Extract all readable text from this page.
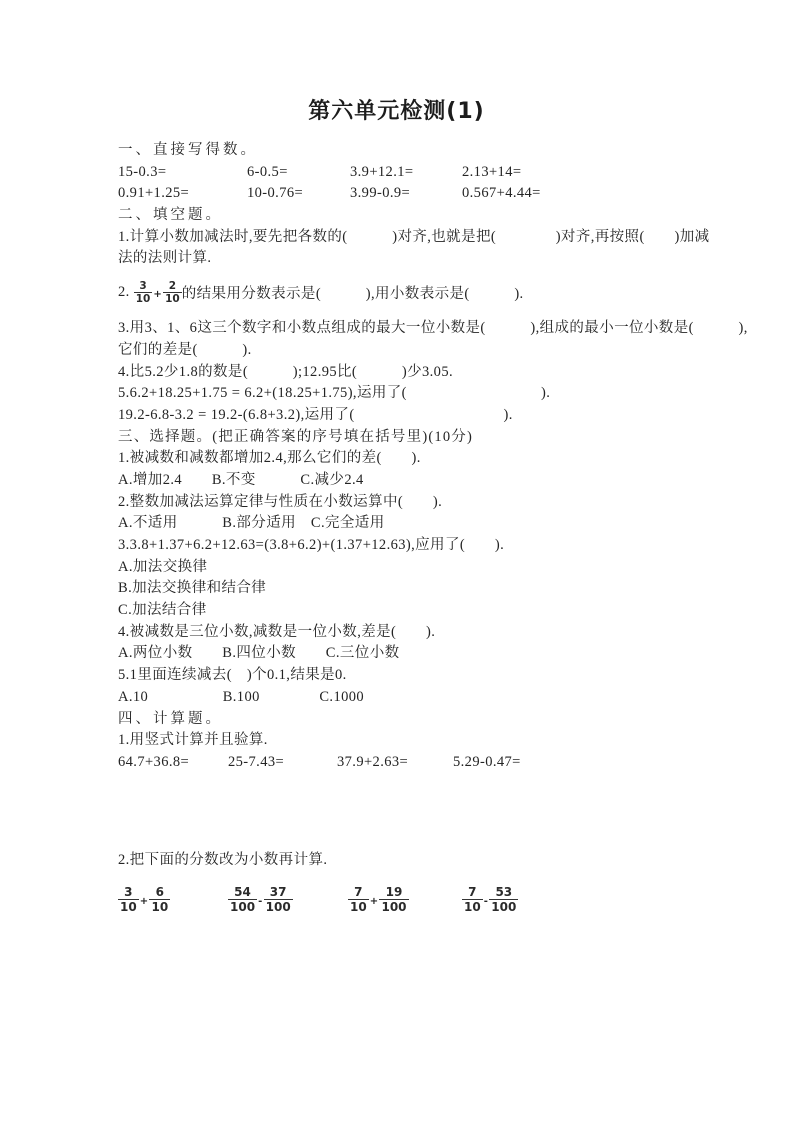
第六单元检测(1)
一、直接写得数。
15-0.3=	6-0.5=	3.9+12.1=	2.13+14=
0.91+1.25=	10-0.76=	3.99-0.9=	0.567+4.44=
二、填空题。
1.计算小数加减法时,要先把各数的(　　　)对齐,也就是把(　　　　)对齐,再按照(　　)加减
法的法则计算.
2. $\frac{3}{10} + \frac{2}{10}$ 的结果用分数表示是(　　　),用小数表示是(　　　).
3.用3、1、6这三个数字和小数点组成的最大一位小数是(　　　),组成的最小一位小数是(　　　),
它们的差是(　　　).
4.比5.2少1.8的数是(　　　);12.95比(　　　)少3.05.
5.6.2+18.25+1.75 = 6.2+(18.25+1.75),运用了(　　　　　　　　　).
19.2-6.8-3.2 = 19.2-(6.8+3.2),运用了(　　　　　　　　　　).
三、选择题。(把正确答案的序号填在括号里)(10分)
1.被减数和减数都增加2.4,那么它们的差(　　).
A.增加2.4　　B.不变　　　C.减少2.4
2.整数加减法运算定律与性质在小数运算中(　　).
A.不适用　　　B.部分适用　C.完全适用
3.3.8+1.37+6.2+12.63=(3.8+6.2)+(1.37+12.63),应用了(　　).
A.加法交换律
B.加法交换律和结合律
C.加法结合律
4.被减数是三位小数,减数是一位小数,差是(　　).
A.两位小数　　B.四位小数　　C.三位小数
5.1里面连续减去(　)个0.1,结果是0.
A.10　　　　　B.100　　　　C.1000
四、计算题。
1.用竖式计算并且验算.
64.7+36.8=	25-7.43=	37.9+2.63=	5.29-0.47=
2.把下面的分数改为小数再计算.
$\frac{3}{10} + \frac{6}{10}$	$\frac{54}{100} - \frac{37}{100}$	$\frac{7}{10} + \frac{19}{100}$	$\frac{7}{10} - \frac{53}{100}$
